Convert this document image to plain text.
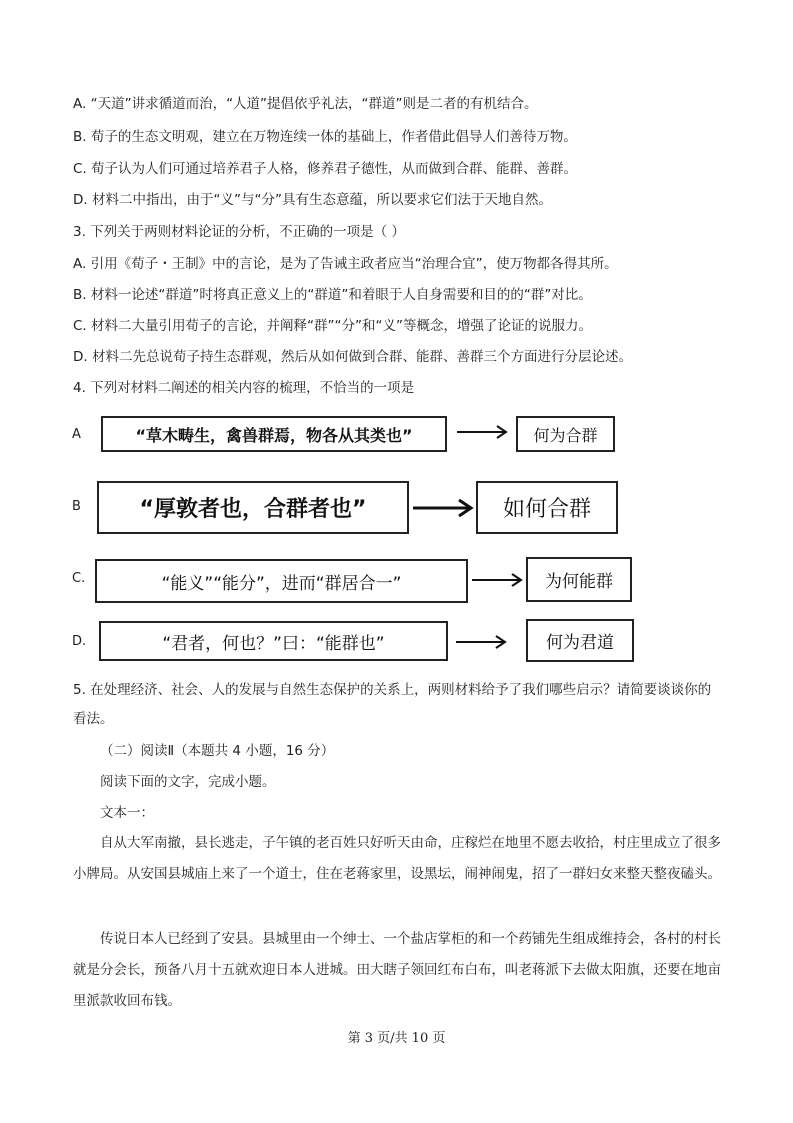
A. “天道”讲求循道而治，“人道”提倡依乎礼法，“群道”则是二者的有机结合。
B. 荀子的生态文明观，建立在万物连续一体的基础上，作者借此倡导人们善待万物。
C. 荀子认为人们可通过培养君子人格，修养君子德性，从而做到合群、能群、善群。
D. 材料二中指出，由于“义”与“分”具有生态意蕴，所以要求它们法于天地自然。
3. 下列关于两则材料论证的分析，不正确的一项是（ ）
A. 引用《荀子・王制》中的言论，是为了告诫主政者应当“治理合宜”，使万物都各得其所。
B. 材料一论述“群道”时将真正意义上的“群道”和着眼于人自身需要和目的的“群”对比。
C. 材料二大量引用荀子的言论，并阐释“群”“分”和“义”等概念，增强了论证的说服力。
D. 材料二先总说荀子持生态群观，然后从如何做到合群、能群、善群三个方面进行分层论述。
4. 下列对材料二阐述的相关内容的梳理，不恰当的一项是
A	“草木畴生，禽兽群焉，物各从其类也”	何为合群
B	“厚敦者也，合群者也”	如何合群
C.	“能义”“能分”，进而“群居合一”	为何能群
D.	“君者，何也？”曰：“能群也”	何为君道
5. 在处理经济、社会、人的发展与自然生态保护的关系上，两则材料给予了我们哪些启示？请简要谈谈你的看法。
（二）阅读Ⅱ（本题共 4 小题，16 分）
阅读下面的文字，完成小题。
文本一：
自从大军南撤，县长逃走，子午镇的老百姓只好听天由命，庄稼烂在地里不愿去收拾，村庄里成立了很多小牌局。从安国县城庙上来了一个道士，住在老蒋家里，设黑坛，闹神闹鬼，招了一群妇女来整天整夜磕头。
传说日本人已经到了安县。县城里由一个绅士、一个盐店掌柜的和一个药铺先生组成维持会，各村的村长就是分会长，预备八月十五就欢迎日本人进城。田大瞎子领回红布白布，叫老蒋派下去做太阳旗，还要在地亩里派款收回布钱。
第 3 页/共 10 页
